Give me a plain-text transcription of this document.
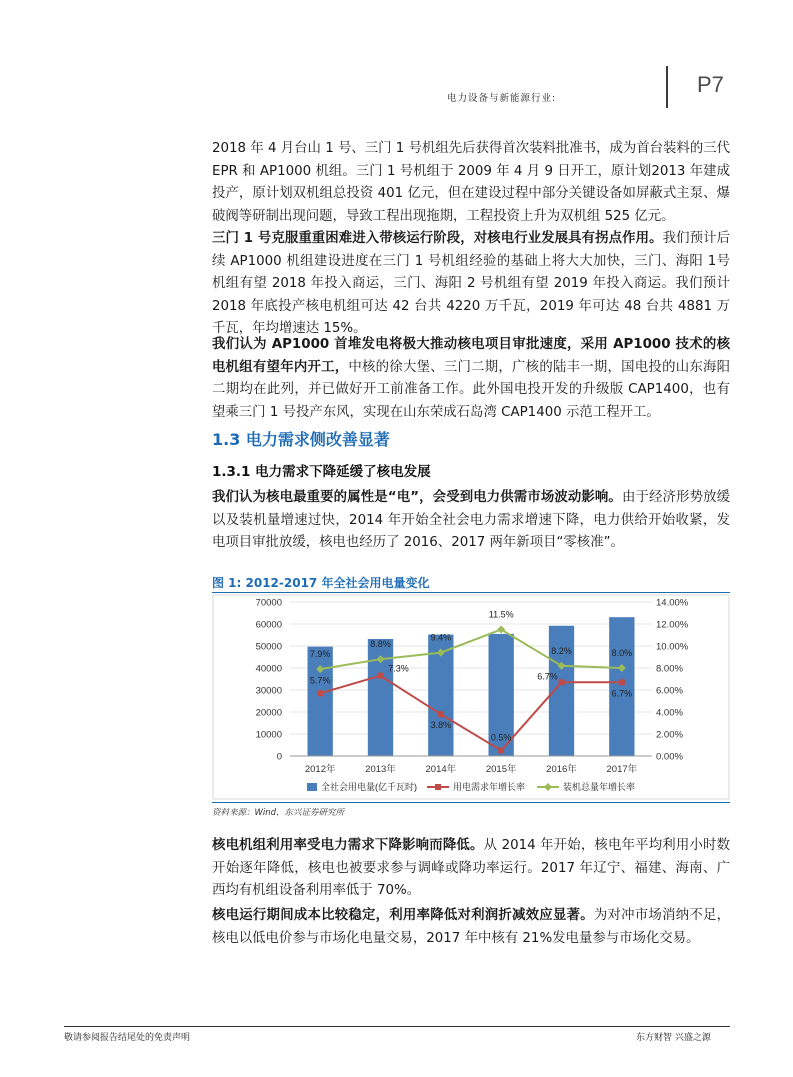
电力设备与新能源行业:
P7

2018 年 4 月台山 1 号、三门 1 号机组先后获得首次装料批准书，成为首台装料的三代 EPR 和 AP1000 机组。三门 1 号机组于 2009 年 4 月 9 日开工，原计划2013 年建成投产，原计划双机组总投资 401 亿元，但在建设过程中部分关键设备如屏蔽式主泵、爆破阀等研制出现问题，导致工程出现拖期，工程投资上升为双机组 525 亿元。

三门 1 号克服重重困难进入带核运行阶段，对核电行业发展具有拐点作用。我们预计后续 AP1000 机组建设进度在三门 1 号机组经验的基础上将大大加快，三门、海阳 1号机组有望 2018 年投入商运，三门、海阳 2 号机组有望 2019 年投入商运。我们预计 2018 年底投产核电机组可达 42 台共 4220 万千瓦，2019 年可达 48 台共 4881 万千瓦，年均增速达 15%。

我们认为 AP1000 首堆发电将极大推动核电项目审批速度，采用 AP1000 技术的核电机组有望年内开工，中核的徐大堡、三门二期，广核的陆丰一期，国电投的山东海阳二期均在此列，并已做好开工前准备工作。此外国电投开发的升级版 CAP1400，也有望乘三门 1 号投产东风，实现在山东荣成石岛湾 CAP1400 示范工程开工。

1.3 电力需求侧改善显著
1.3.1 电力需求下降延缓了核电发展

我们认为核电最重要的属性是“电”，会受到电力供需市场波动影响。由于经济形势放缓以及装机量增速过快，2014 年开始全社会电力需求增速下降，电力供给开始收紧，发电项目审批放缓，核电也经历了 2016、2017 两年新项目“零核准”。

图 1: 2012-2017 年全社会用电量变化
7.9%
8.8%
9.4%
11.5%
8.2%	8.0%
5.7%
7.3%
3.8%
0.5%
6.7%
6.7%
0
10000
20000
30000
40000
50000
60000
70000
0.00%
2.00%
4.00%
6.00%
8.00%
10.00%
12.00%
14.00%
2012年	2013年	2014年	2015年	2016年	2017年
全社会用电量(亿千瓦时)	用电需求年增长率	装机总量年增长率
资料来源：Wind，东兴证券研究所

核电机组利用率受电力需求下降影响而降低。从 2014 年开始，核电年平均利用小时数开始逐年降低，核电也被要求参与调峰或降功率运行。2017 年辽宁、福建、海南、广西均有机组设备利用率低于 70%。

核电运行期间成本比较稳定，利用率降低对利润折减效应显著。为对冲市场消纳不足，核电以低电价参与市场化电量交易，2017 年中核有 21%发电量参与市场化交易。

敬请参阅报告结尾处的免责声明	东方财智 兴盛之源
